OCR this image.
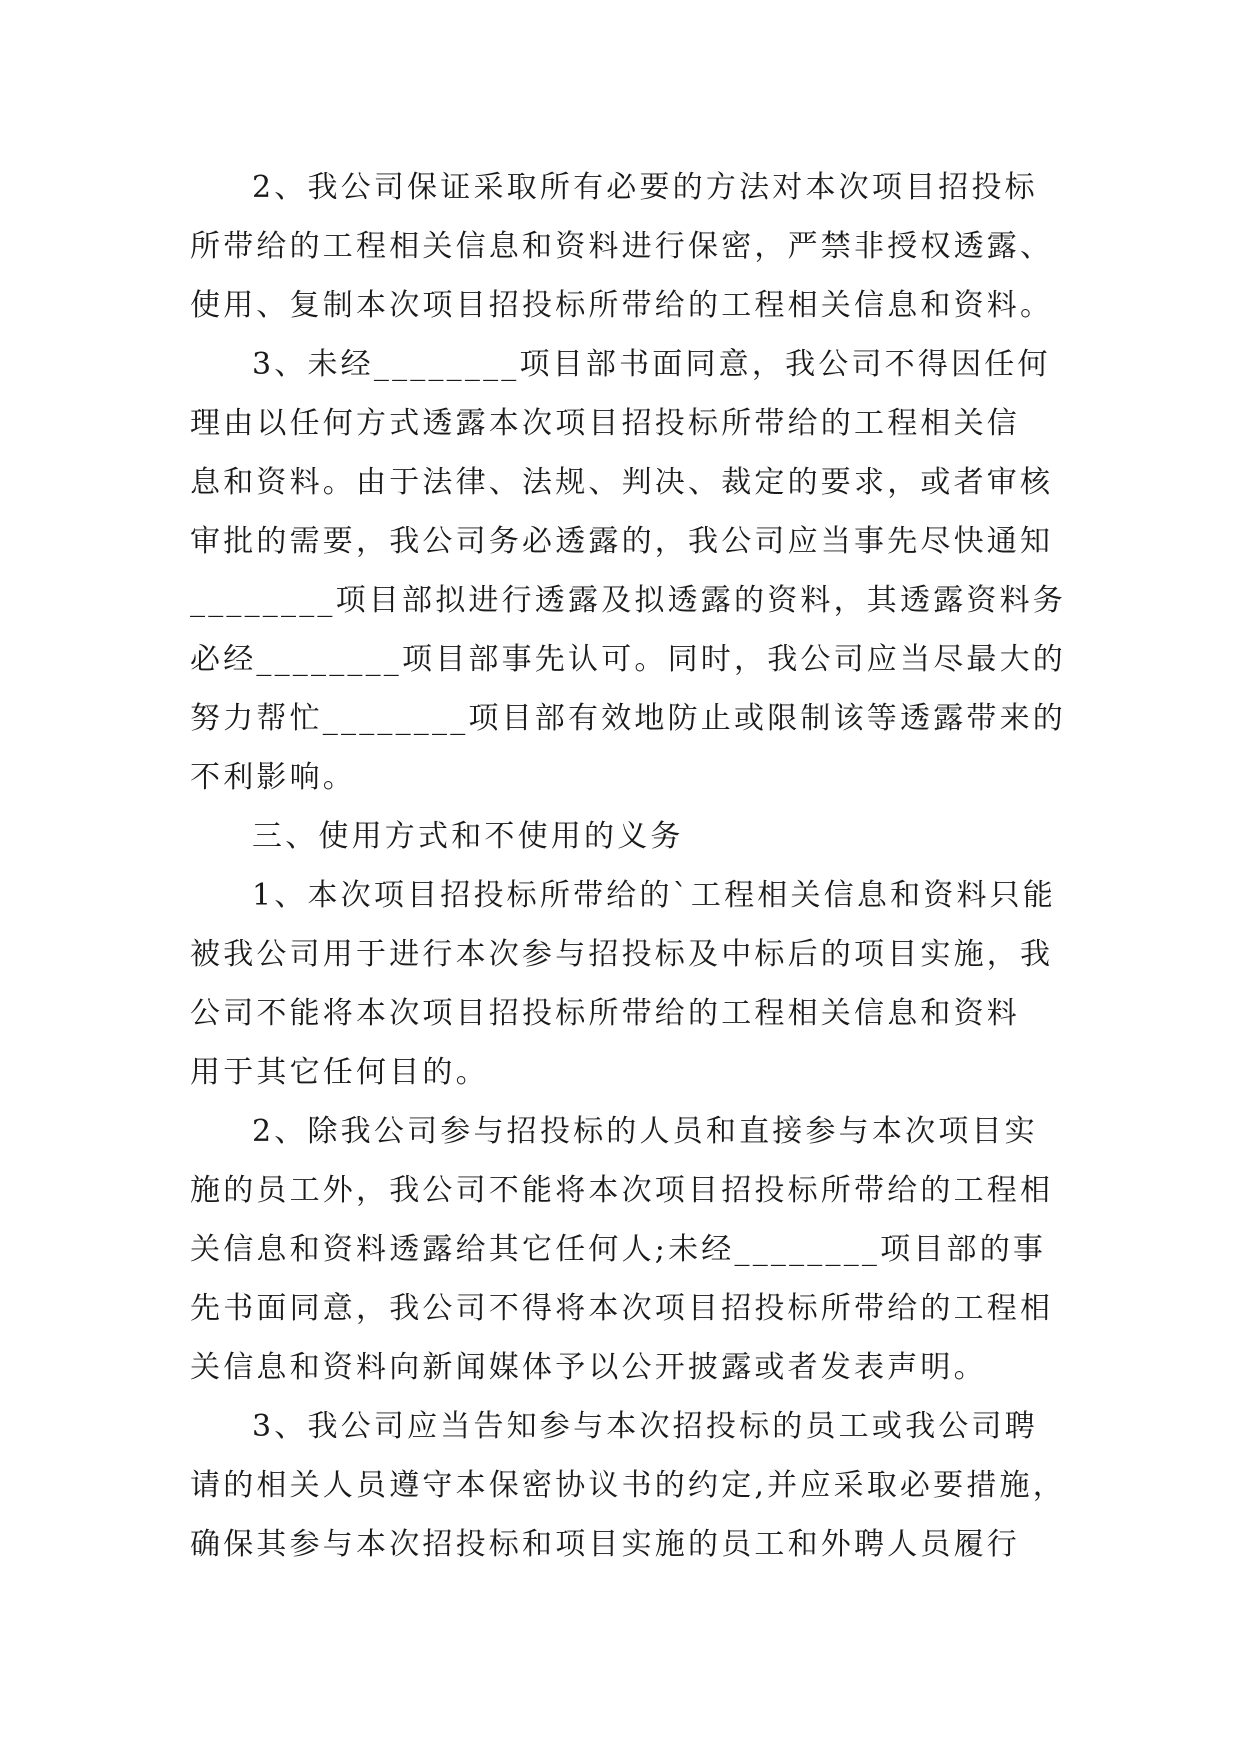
2、我公司保证采取所有必要的方法对本次项目招投标
所带给的工程相关信息和资料进行保密，严禁非授权透露、
使用、复制本次项目招投标所带给的工程相关信息和资料。
3、未经________项目部书面同意，我公司不得因任何
理由以任何方式透露本次项目招投标所带给的工程相关信
息和资料。由于法律、法规、判决、裁定的要求，或者审核
审批的需要，我公司务必透露的，我公司应当事先尽快通知
________项目部拟进行透露及拟透露的资料，其透露资料务
必经________项目部事先认可。同时，我公司应当尽最大的
努力帮忙________项目部有效地防止或限制该等透露带来的
不利影响。
三、使用方式和不使用的义务
1、本次项目招投标所带给的`工程相关信息和资料只能
被我公司用于进行本次参与招投标及中标后的项目实施，我
公司不能将本次项目招投标所带给的工程相关信息和资料
用于其它任何目的。
2、除我公司参与招投标的人员和直接参与本次项目实
施的员工外，我公司不能将本次项目招投标所带给的工程相
关信息和资料透露给其它任何人;未经________项目部的事
先书面同意，我公司不得将本次项目招投标所带给的工程相
关信息和资料向新闻媒体予以公开披露或者发表声明。
3、我公司应当告知参与本次招投标的员工或我公司聘
请的相关人员遵守本保密协议书的约定,并应采取必要措施，
确保其参与本次招投标和项目实施的员工和外聘人员履行
